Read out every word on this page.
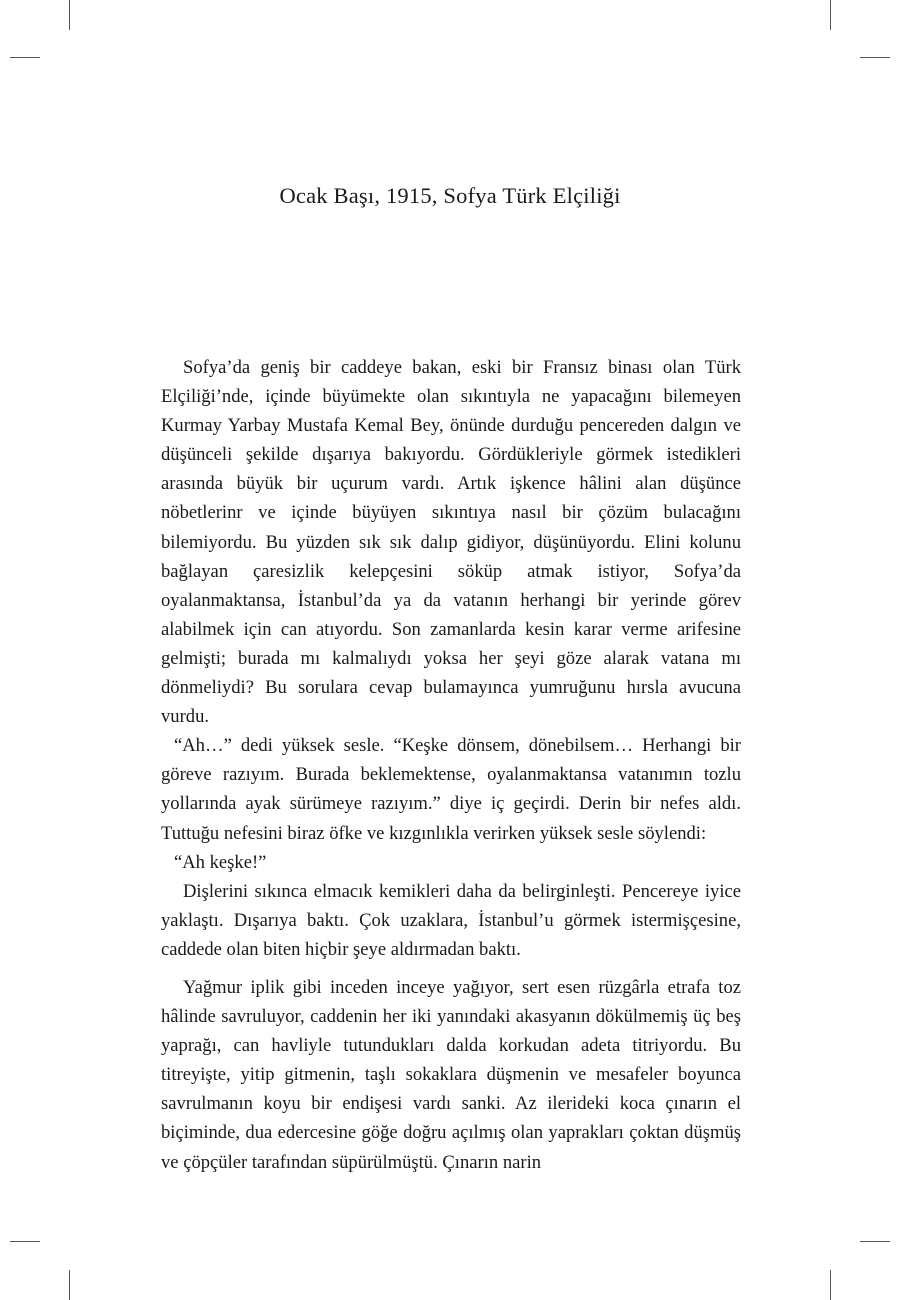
Ocak Başı, 1915, Sofya Türk Elçiliği

Sofya’da geniş bir caddeye bakan, eski bir Fransız binası olan Türk Elçiliği’nde, içinde büyümekte olan sıkıntıyla ne yapacağını bilemeyen Kurmay Yarbay Mustafa Kemal Bey, önünde durduğu pencereden dalgın ve düşünceli şekilde dışarıya bakıyordu. Gördükleriyle görmek istedikleri arasında büyük bir uçurum vardı. Artık işkence hâlini alan düşünce nöbetlerinr ve içinde büyüyen sıkıntıya nasıl bir çözüm bulacağını bilemiyordu. Bu yüzden sık sık dalıp gidiyor, düşünüyordu. Elini kolunu bağlayan çaresizlik kelepçesini söküp atmak istiyor, Sofya’da oyalanmaktansa, İstanbul’da ya da vatanın herhangi bir yerinde görev alabilmek için can atıyordu. Son zamanlarda kesin karar verme arifesine gelmişti; burada mı kalmalıydı yoksa her şeyi göze alarak vatana mı dönmeliydi? Bu sorulara cevap bulamayınca yumruğunu hırsla avucuna vurdu.

“Ah…” dedi yüksek sesle. “Keşke dönsem, dönebilsem… Herhangi bir göreve razıyım. Burada beklemektense, oyalanmaktansa vatanımın tozlu yollarında ayak sürümeye razıyım.” diye iç geçirdi. Derin bir nefes aldı. Tuttuğu nefesini biraz öfke ve kızgınlıkla verirken yüksek sesle söylendi:

“Ah keşke!”

Dişlerini sıkınca elmacık kemikleri daha da belirginleşti. Pencereye iyice yaklaştı. Dışarıya baktı. Çok uzaklara, İstanbul’u görmek istermişçesine, caddede olan biten hiçbir şeye aldırmadan baktı.

Yağmur iplik gibi inceden inceye yağıyor, sert esen rüzgârla etrafa toz hâlinde savruluyor, caddenin her iki yanındaki akasyanın dökülmemiş üç beş yaprağı, can havliyle tutundukları dalda korkudan adeta titriyordu. Bu titreyişte, yitip gitmenin, taşlı sokaklara düşmenin ve mesafeler boyunca savrulmanın koyu bir endişesi vardı sanki. Az ilerideki koca çınarın el biçiminde, dua edercesine göğe doğru açılmış olan yaprakları çoktan düşmüş ve çöpçüler tarafından süpürülmüştü. Çınarın narin
